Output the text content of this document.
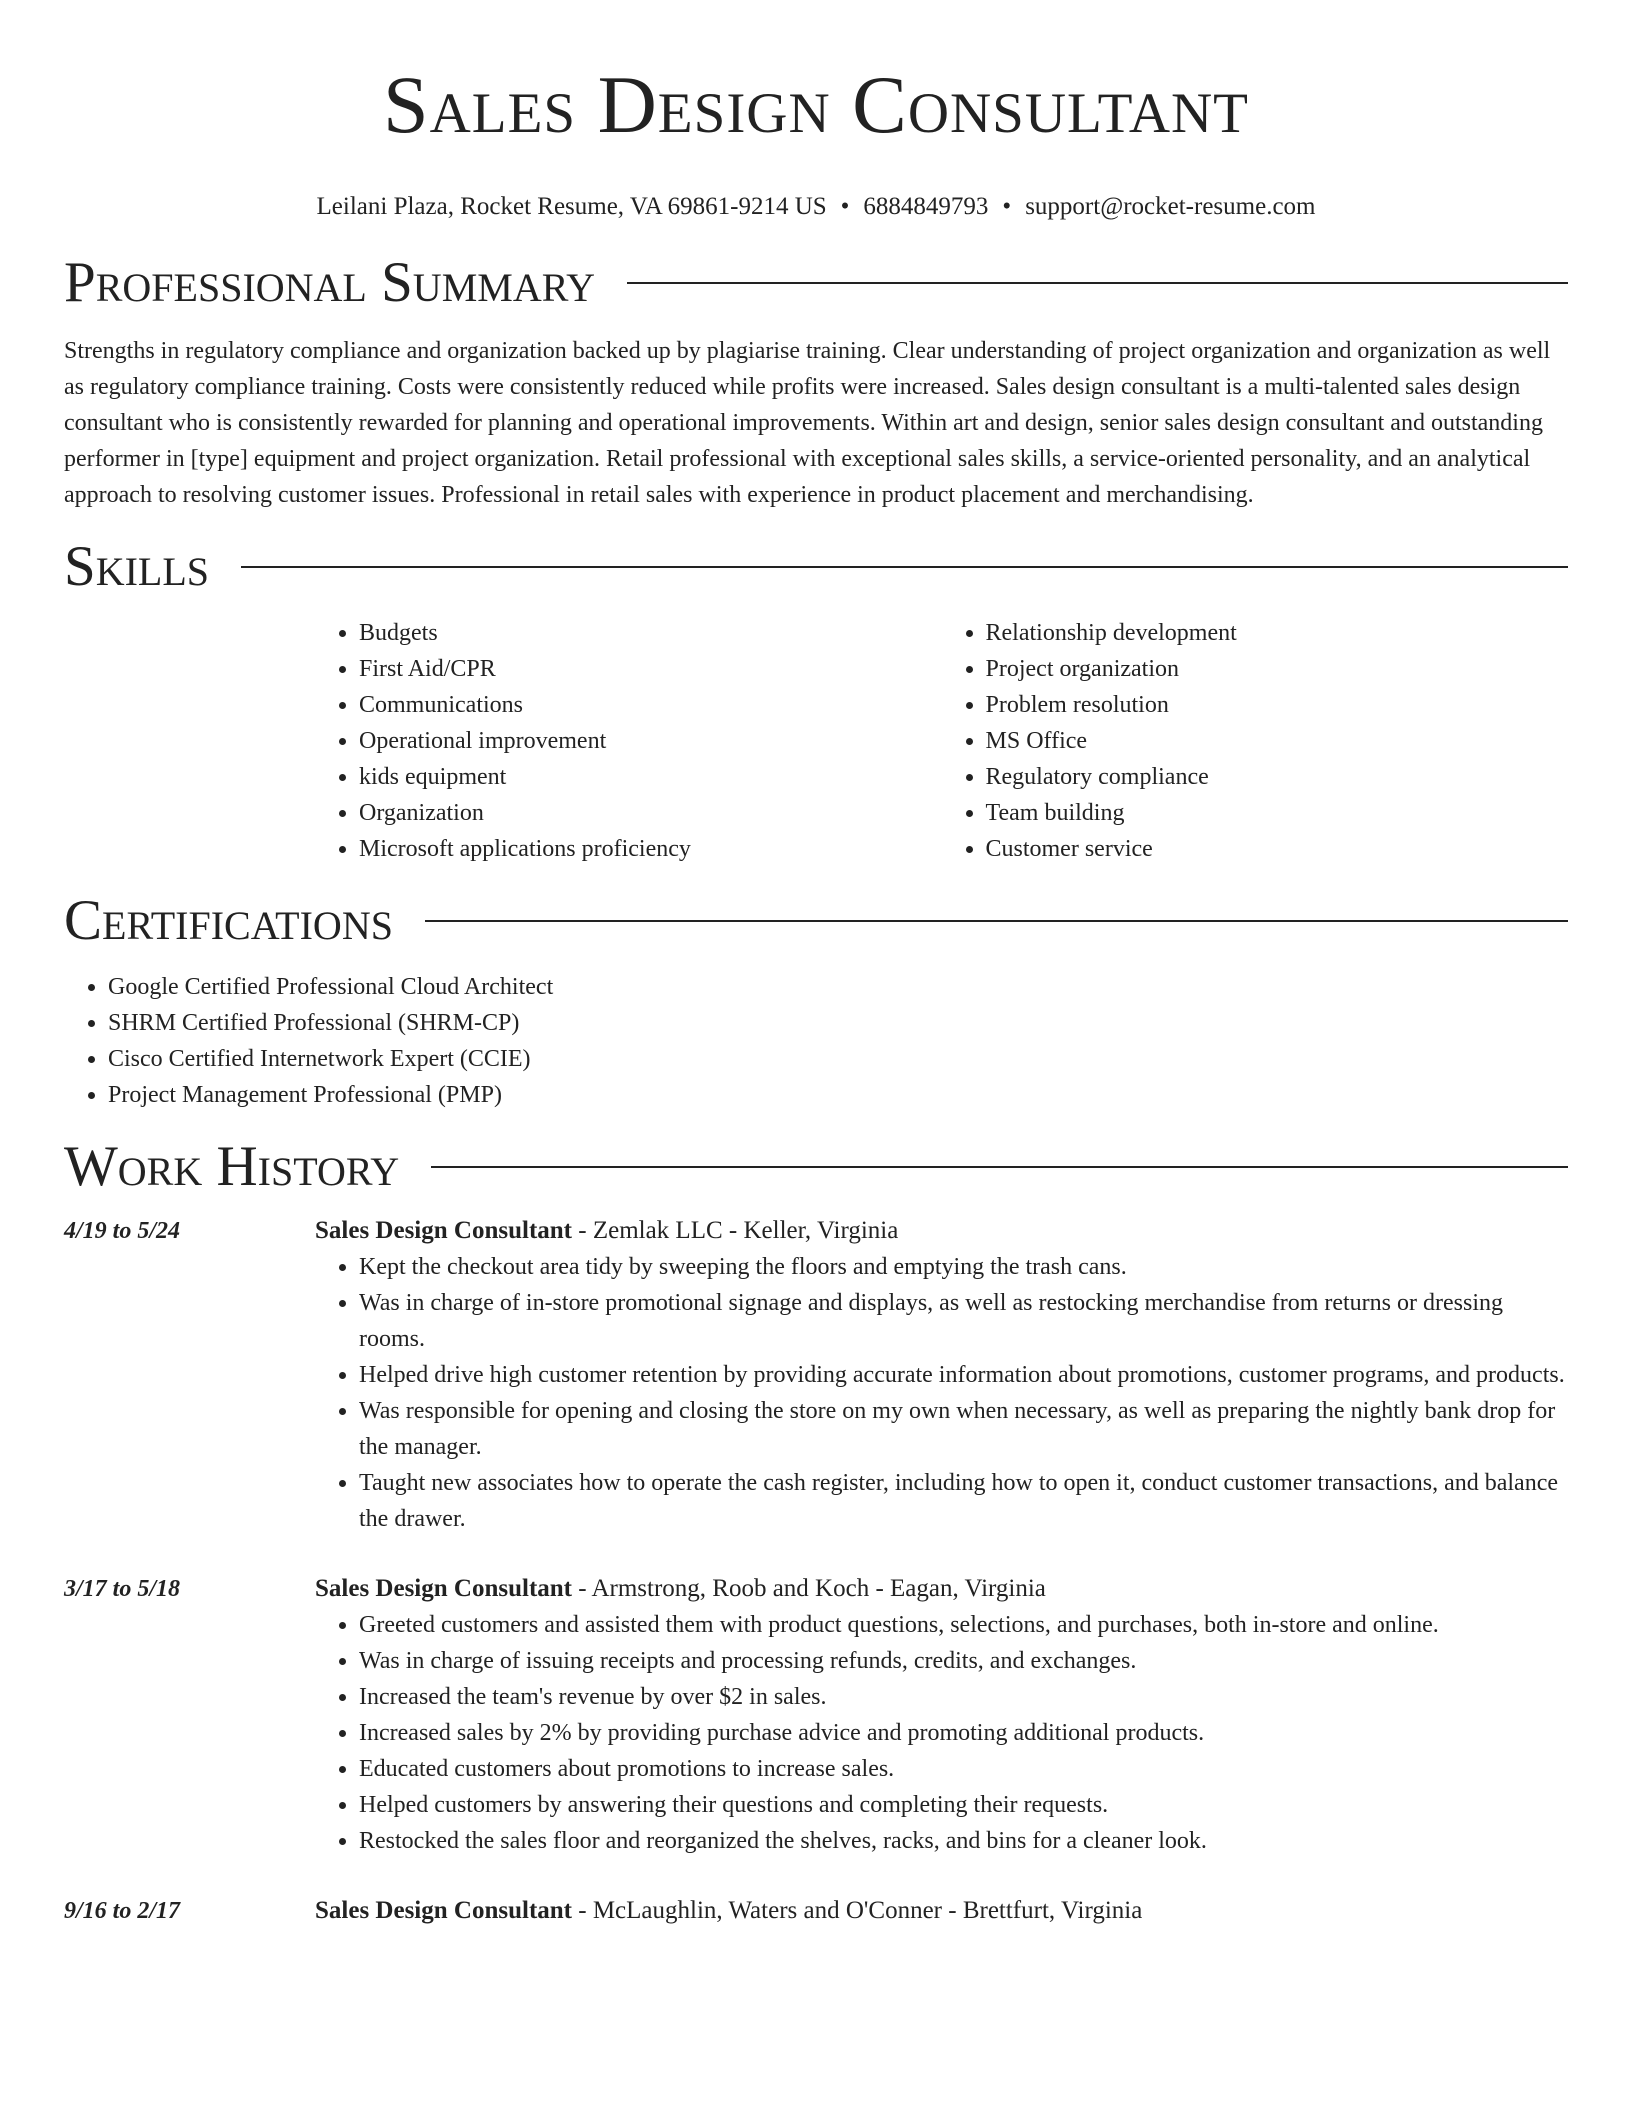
Sales Design Consultant
Leilani Plaza, Rocket Resume, VA 69861-9214 US • 6884849793 • support@rocket-resume.com
Professional Summary

Strengths in regulatory compliance and organization backed up by plagiarise training. Clear understanding of project organization and organization as well as regulatory compliance training. Costs were consistently reduced while profits were increased. Sales design consultant is a multi-talented sales design consultant who is consistently rewarded for planning and operational improvements. Within art and design, senior sales design consultant and outstanding performer in [type] equipment and project organization. Retail professional with exceptional sales skills, a service-oriented personality, and an analytical approach to resolving customer issues. Professional in retail sales with experience in product placement and merchandising.

Skills
• Budgets
• First Aid/CPR
• Communications
• Operational improvement
• kids equipment
• Organization
• Microsoft applications proficiency
• Relationship development
• Project organization
• Problem resolution
• MS Office
• Regulatory compliance
• Team building
• Customer service
Certifications
• Google Certified Professional Cloud Architect
• SHRM Certified Professional (SHRM-CP)
• Cisco Certified Internetwork Expert (CCIE)
• Project Management Professional (PMP)
Work History
4/19 to 5/24	Sales Design Consultant - Zemlak LLC - Keller, Virginia
• Kept the checkout area tidy by sweeping the floors and emptying the trash cans.
• Was in charge of in-store promotional signage and displays, as well as restocking merchandise from returns or dressing rooms.
• Helped drive high customer retention by providing accurate information about promotions, customer programs, and products.
• Was responsible for opening and closing the store on my own when necessary, as well as preparing the nightly bank drop for the manager.
• Taught new associates how to operate the cash register, including how to open it, conduct customer transactions, and balance the drawer.
3/17 to 5/18	Sales Design Consultant - Armstrong, Roob and Koch - Eagan, Virginia
• Greeted customers and assisted them with product questions, selections, and purchases, both in-store and online.
• Was in charge of issuing receipts and processing refunds, credits, and exchanges.
• Increased the team's revenue by over $2 in sales.
• Increased sales by 2% by providing purchase advice and promoting additional products.
• Educated customers about promotions to increase sales.
• Helped customers by answering their questions and completing their requests.
• Restocked the sales floor and reorganized the shelves, racks, and bins for a cleaner look.
9/16 to 2/17	Sales Design Consultant - McLaughlin, Waters and O'Conner - Brettfurt, Virginia
